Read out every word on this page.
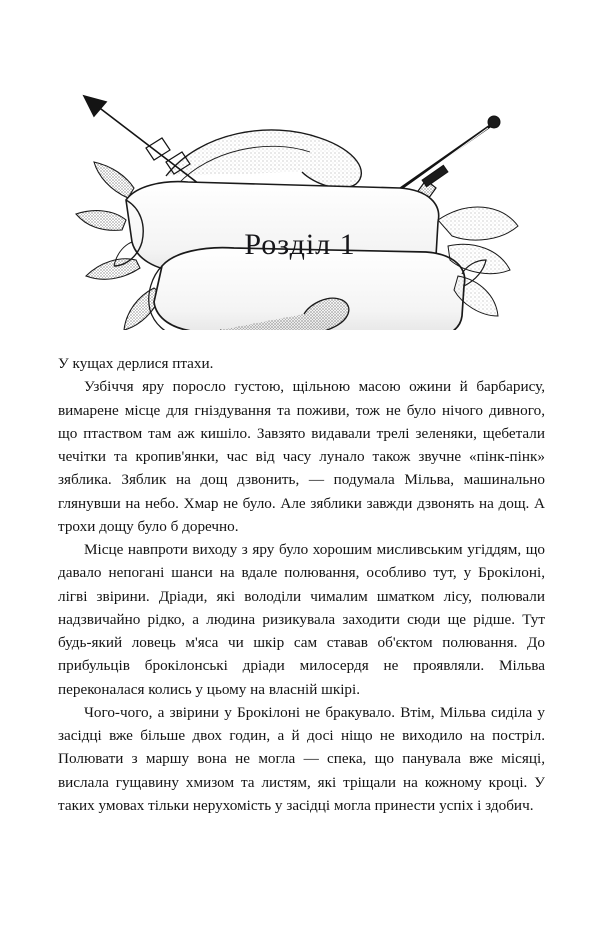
Розділ 1

У кущах дерлися птахи.

Узбіччя яру поросло густою, щільною масою ожини й барбарису, вимарене місце для гніздування та поживи, тож не було нічого дивного, що птаством там аж кишіло. Завзято видавали трелі зеленяки, щебетали чечітки та кропив'янки, час від часу лунало також звучне «пінк-пінк» зяблика. Зяблик на дощ дзвонить, — подумала Мільва, машинально глянувши на небо. Хмар не було. Але зяблики завжди дзвонять на дощ. А трохи дощу було б доречно.

Місце навпроти виходу з яру було хорошим мисливським угіддям, що давало непогані шанси на вдале полювання, особливо тут, у Брокілоні, лігві звірини. Дріади, які володіли чималим шматком лісу, полювали надзвичайно рідко, а людина ризикувала заходити сюди ще рідше. Тут будь-який ловець м'яса чи шкір сам ставав об'єктом полювання. До прибульців брокілонські дріади милосердя не проявляли. Мільва переконалася колись у цьому на власній шкірі.

Чого-чого, а звірини у Брокілоні не бракувало. Втім, Мільва сиділа у засідці вже більше двох годин, а й досі ніщо не виходило на постріл. Полювати з маршу вона не могла — спека, що панувала вже місяці, вислала гущавину хмизом та листям, які тріщали на кожному кроці. У таких умовах тільки нерухомість у засідці могла принести успіх і здобич.
